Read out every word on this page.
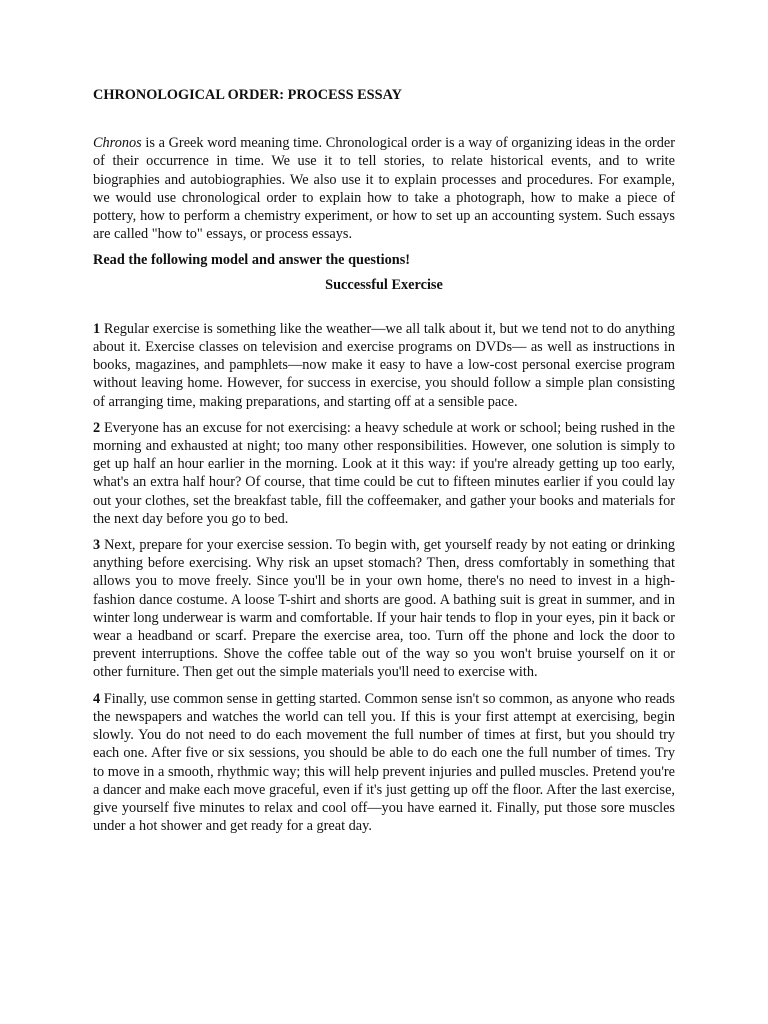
CHRONOLOGICAL ORDER: PROCESS ESSAY

Chronos is a Greek word meaning time. Chronological order is a way of organizing ideas in the order of their occurrence in time. We use it to tell stories, to relate historical events, and to write biographies and autobiographies. We also use it to explain processes and procedures. For example, we would use chronological order to explain how to take a photograph, how to make a piece of pottery, how to perform a chemistry experiment, or how to set up an accounting system. Such essays are called "how to" essays, or process essays.

Read the following model and answer the questions!

Successful Exercise

1 Regular exercise is something like the weather—we all talk about it, but we tend not to do anything about it. Exercise classes on television and exercise programs on DVDs— as well as instructions in books, magazines, and pamphlets—now make it easy to have a low-cost personal exercise program without leaving home. However, for success in exercise, you should follow a simple plan consisting of arranging time, making preparations, and starting off at a sensible pace.

2 Everyone has an excuse for not exercising: a heavy schedule at work or school; being rushed in the morning and exhausted at night; too many other responsibilities. However, one solution is simply to get up half an hour earlier in the morning. Look at it this way: if you're already getting up too early, what's an extra half hour? Of course, that time could be cut to fifteen minutes earlier if you could lay out your clothes, set the breakfast table, fill the coffeemaker, and gather your books and materials for the next day before you go to bed.

3 Next, prepare for your exercise session. To begin with, get yourself ready by not eating or drinking anything before exercising. Why risk an upset stomach? Then, dress comfortably in something that allows you to move freely. Since you'll be in your own home, there's no need to invest in a high-fashion dance costume. A loose T-shirt and shorts are good. A bathing suit is great in summer, and in winter long underwear is warm and comfortable. If your hair tends to flop in your eyes, pin it back or wear a headband or scarf. Prepare the exercise area, too. Turn off the phone and lock the door to prevent interruptions. Shove the coffee table out of the way so you won't bruise yourself on it or other furniture. Then get out the simple materials you'll need to exercise with.

4 Finally, use common sense in getting started. Common sense isn't so common, as anyone who reads the newspapers and watches the world can tell you. If this is your first attempt at exercising, begin slowly. You do not need to do each movement the full number of times at first, but you should try each one. After five or six sessions, you should be able to do each one the full number of times. Try to move in a smooth, rhythmic way; this will help prevent injuries and pulled muscles. Pretend you're a dancer and make each move graceful, even if it's just getting up off the floor. After the last exercise, give yourself five minutes to relax and cool off—you have earned it. Finally, put those sore muscles under a hot shower and get ready for a great day.
